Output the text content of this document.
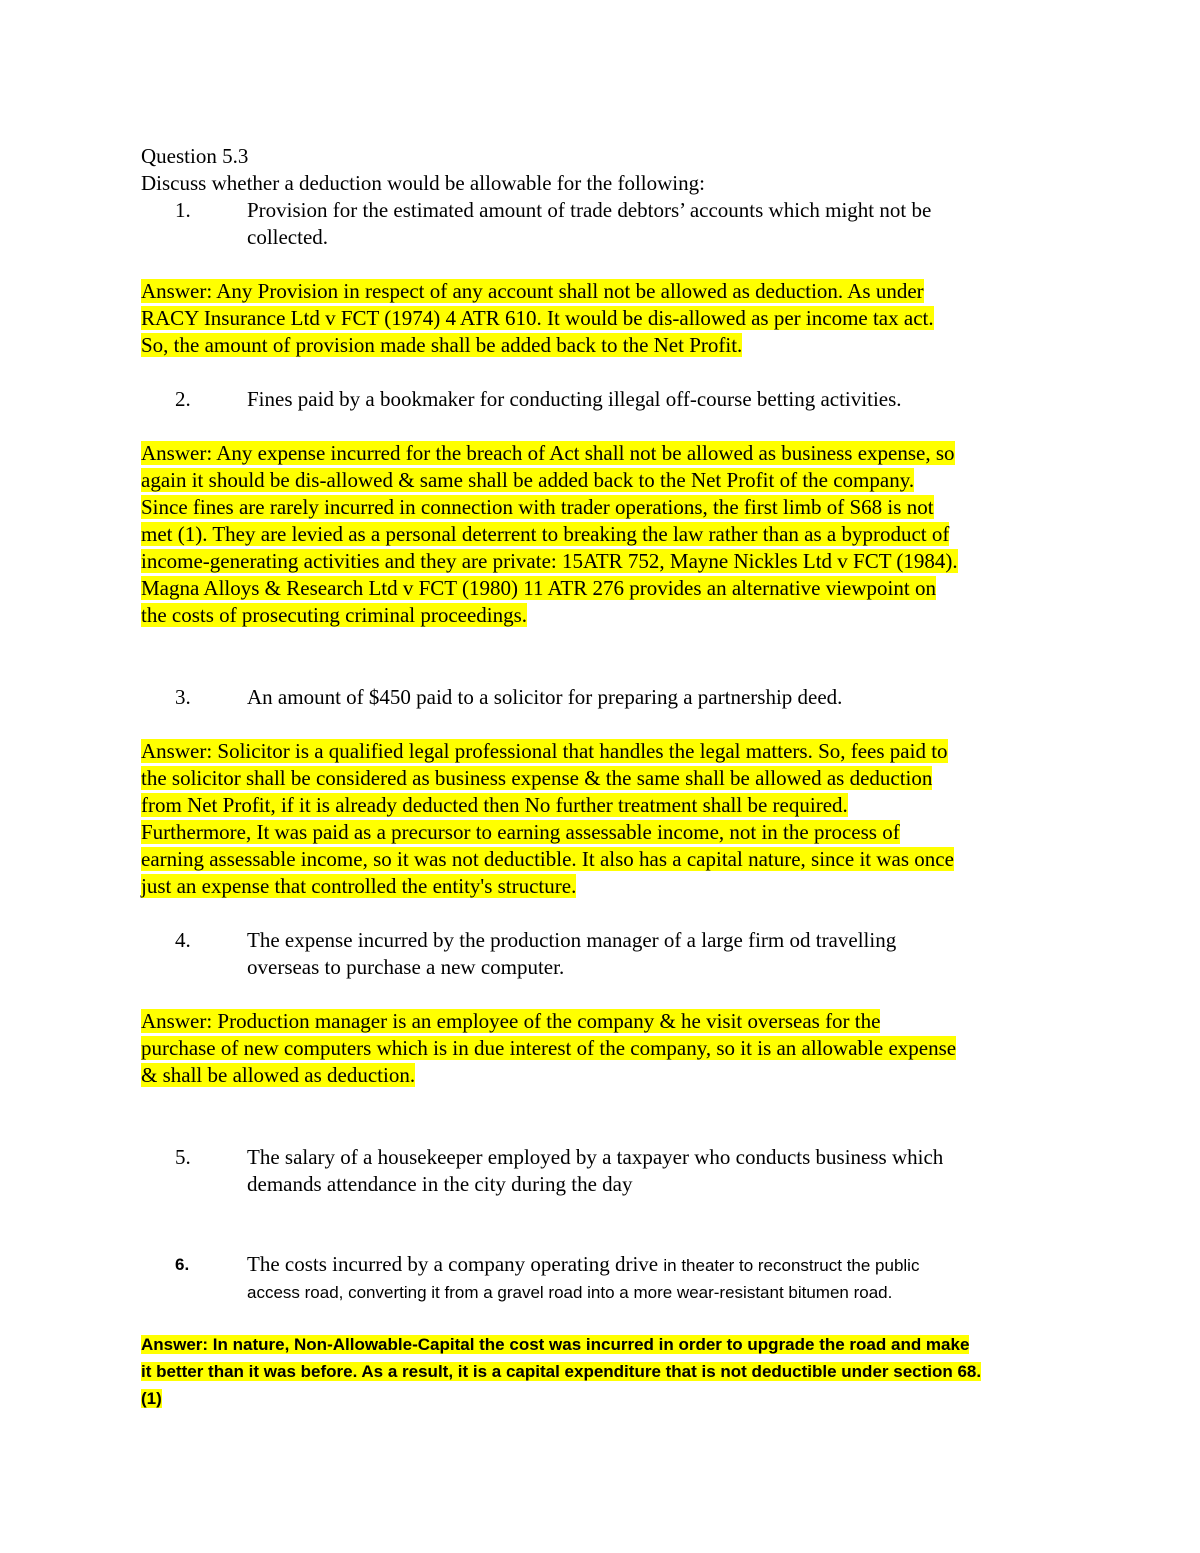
Question 5.3
Discuss whether a deduction would be allowable for the following:
1.	Provision for the estimated amount of trade debtors’ accounts which might not be
collected.
Answer: Any Provision in respect of any account shall not be allowed as deduction. As under
RACY Insurance Ltd v FCT (1974) 4 ATR 610. It would be dis-allowed as per income tax act.
So, the amount of provision made shall be added back to the Net Profit.
2.	Fines paid by a bookmaker for conducting illegal off-course betting activities.
Answer: Any expense incurred for the breach of Act shall not be allowed as business expense, so
again it should be dis-allowed & same shall be added back to the Net Profit of the company.
Since fines are rarely incurred in connection with trader operations, the first limb of S68 is not
met (1). They are levied as a personal deterrent to breaking the law rather than as a byproduct of
income-generating activities and they are private: 15ATR 752, Mayne Nickles Ltd v FCT (1984).
Magna Alloys & Research Ltd v FCT (1980) 11 ATR 276 provides an alternative viewpoint on
the costs of prosecuting criminal proceedings.
3.	An amount of $450 paid to a solicitor for preparing a partnership deed.
Answer: Solicitor is a qualified legal professional that handles the legal matters. So, fees paid to
the solicitor shall be considered as business expense & the same shall be allowed as deduction
from Net Profit, if it is already deducted then No further treatment shall be required.
Furthermore, It was paid as a precursor to earning assessable income, not in the process of
earning assessable income, so it was not deductible. It also has a capital nature, since it was once
just an expense that controlled the entity's structure.
4.	The expense incurred by the production manager of a large firm od travelling
overseas to purchase a new computer.
Answer: Production manager is an employee of the company & he visit overseas for the
purchase of new computers which is in due interest of the company, so it is an allowable expense
& shall be allowed as deduction.
5.	The salary of a housekeeper employed by a taxpayer who conducts business which
demands attendance in the city during the day
6.	The costs incurred by a company operating drive in theater to reconstruct the public
access road, converting it from a gravel road into a more wear-resistant bitumen road.
Answer: In nature, Non-Allowable-Capital the cost was incurred in order to upgrade the road and make
it better than it was before. As a result, it is a capital expenditure that is not deductible under section 68.
(1)
